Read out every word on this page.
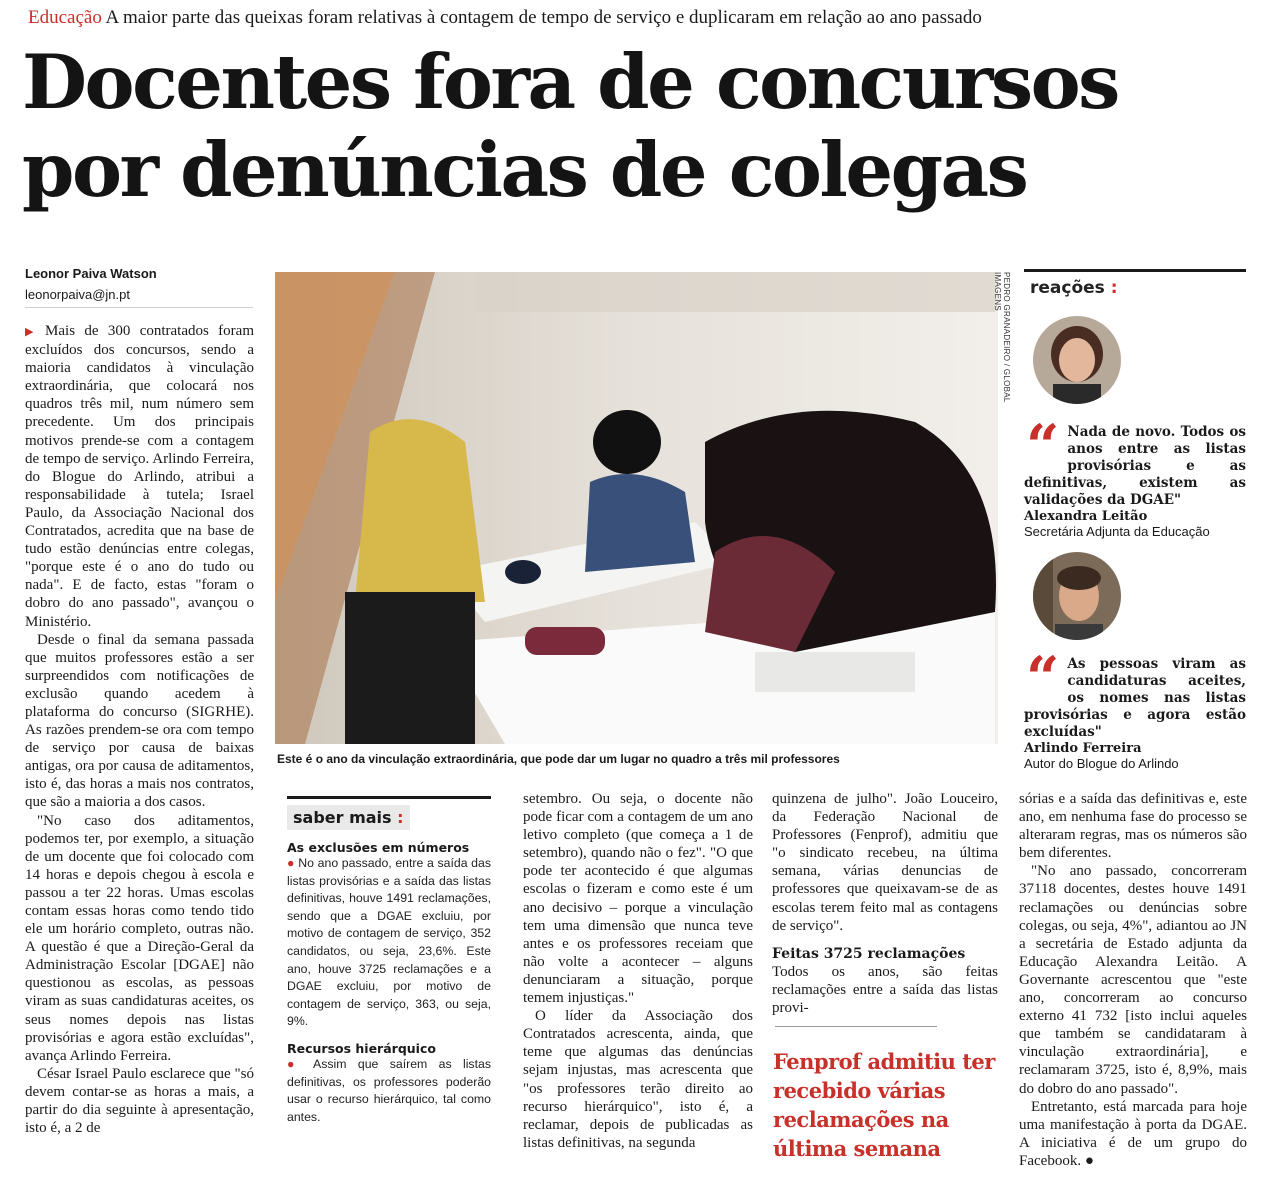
Educação A maior parte das queixas foram relativas à contagem de tempo de serviço e duplicaram em relação ao ano passado
Docentes fora de concursos
por denúncias de colegas
Leonor Paiva Watson
leonorpaiva@jn.pt

▶ Mais de 300 contratados foram excluídos dos concursos, sendo a maioria candidatos à vinculação extraordinária, que colocará nos quadros três mil, num número sem precedente. Um dos principais motivos prende-se com a contagem de tempo de serviço. Arlindo Ferreira, do Blogue do Arlindo, atribui a responsabilidade à tutela; Israel Paulo, da Associação Nacional dos Contratados, acredita que na base de tudo estão denúncias entre colegas, "porque este é o ano do tudo ou nada". E de facto, estas "foram o dobro do ano passado", avançou o Ministério.

Desde o final da semana passada que muitos professores estão a ser surpreendidos com notificações de exclusão quando acedem à plataforma do concurso (SIGRHE). As razões prendem-se ora com tempo de serviço por causa de baixas antigas, ora por causa de aditamentos, isto é, das horas a mais nos contratos, que são a maioria a dos casos.

"No caso dos aditamentos, podemos ter, por exemplo, a situação de um docente que foi colocado com 14 horas e depois chegou à escola e passou a ter 22 horas. Umas escolas contam essas horas como tendo tido ele um horário completo, outras não. A questão é que a Direção-Geral da Administração Escolar [DGAE] não questionou as escolas, as pessoas viram as suas candidaturas aceites, os seus nomes depois nas listas provisórias e agora estão excluídas", avança Arlindo Ferreira.

César Israel Paulo esclarece que "só devem contar-se as horas a mais, a partir do dia seguinte à apresentação, isto é, a 2 de

PEDRO GRANADEIRO / GLOBAL IMAGENS
Este é o ano da vinculação extraordinária, que pode dar um lugar no quadro a três mil professores
saber mais :
As exclusões em números
● No ano passado, entre a saída das listas provisórias e a saída das listas definitivas, houve 1491 reclamações, sendo que a DGAE excluiu, por motivo de contagem de serviço, 352 candidatos, ou seja, 23,6%. Este ano, houve 3725 reclamações e a DGAE excluiu, por motivo de contagem de serviço, 363, ou seja, 9%.
Recursos hierárquico
● Assim que saírem as listas definitivas, os professores poderão usar o recurso hierárquico, tal como antes.

setembro. Ou seja, o docente não pode ficar com a contagem de um ano letivo completo (que começa a 1 de setembro), quando não o fez". "O que pode ter acontecido é que algumas escolas o fizeram e como este é um ano decisivo – porque a vinculação tem uma dimensão que nunca teve antes e os professores receiam que não volte a acontecer – alguns denunciaram a situação, porque temem injustiças."

O líder da Associação dos Contratados acrescenta, ainda, que teme que algumas das denúncias sejam injustas, mas acrescenta que "os professores terão direito ao recurso hierárquico", isto é, a reclamar, depois de publicadas as listas definitivas, na segunda

quinzena de julho". João Louceiro, da Federação Nacional de Professores (Fenprof), admitiu que "o sindicato recebeu, na última semana, várias denuncias de professores que queixavam-se de as escolas terem feito mal as contagens de serviço".

Feitas 3725 reclamações

Todos os anos, são feitas reclamações entre a saída das listas provi-

Fenprof admitiu ter recebido várias reclamações na última semana

sórias e a saída das definitivas e, este ano, em nenhuma fase do processo se alteraram regras, mas os números são bem diferentes.

"No ano passado, concorreram 37118 docentes, destes houve 1491 reclamações ou denúncias sobre colegas, ou seja, 4%", adiantou ao JN a secretária de Estado adjunta da Educação Alexandra Leitão. A Governante acrescentou que "este ano, concorreram ao concurso externo 41 732 [isto inclui aqueles que também se candidataram à vinculação extraordinária], e reclamaram 3725, isto é, 8,9%, mais do dobro do ano passado".

Entretanto, está marcada para hoje uma manifestação à porta da DGAE. A iniciativa é de um grupo do Facebook. ●

reações :
“ Nada de novo. Todos os anos entre as listas provisórias e as definitivas, existem as validações da DGAE"
Alexandra Leitão
Secretária Adjunta da Educação
“ As pessoas viram as candidaturas aceites, os nomes nas listas provisórias e agora estão excluídas"
Arlindo Ferreira
Autor do Blogue do Arlindo
